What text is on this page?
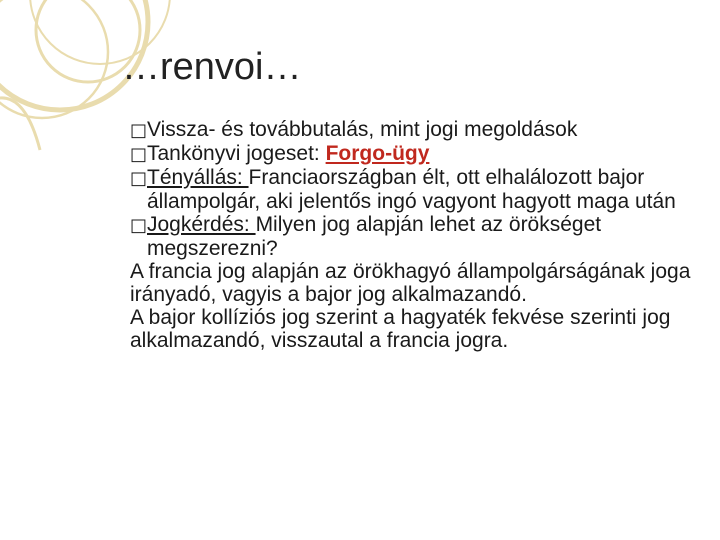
…renvoi…

□Vissza- és továbbutalás, mint jogi megoldások

□Tankönyvi jogeset: Forgo-ügy

□Tényállás: Franciaországban élt, ott elhalálozott bajor állampolgár, aki jelentős ingó vagyont hagyott maga után

□Jogkérdés: Milyen jog alapján lehet az örökséget megszerezni?

A francia jog alapján az örökhagyó állampolgárságának joga irányadó, vagyis a bajor jog alkalmazandó.

A bajor kollíziós jog szerint a hagyaték fekvése szerinti jog alkalmazandó, visszautal a francia jogra.
